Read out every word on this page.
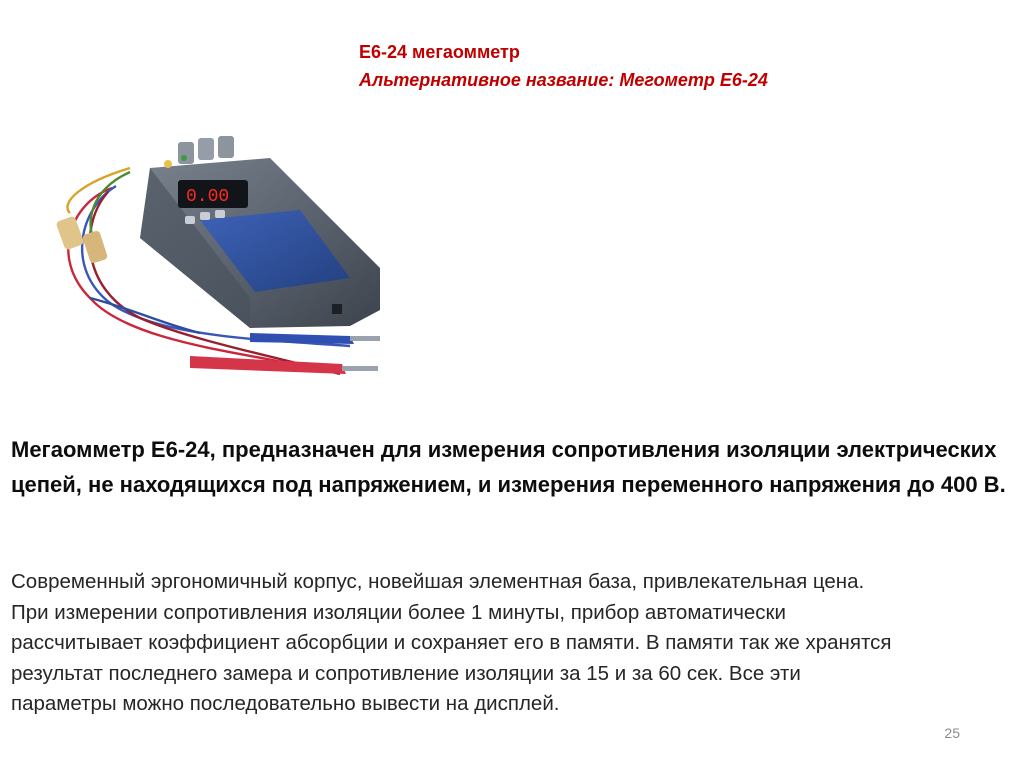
Е6-24 мегаомметр
Альтернативное название: Мегометр Е6-24
0.00

Мегаомметр Е6-24, предназначен для измерения сопротивления изоляции электрических цепей, не находящихся под напряжением, и измерения переменного напряжения до 400 В.

Современный эргономичный корпус, новейшая элементная база, привлекательная цена.
При измерении сопротивления изоляции более 1 минуты, прибор автоматически
рассчитывает коэффициент абсорбции и сохраняет его в памяти. В памяти так же хранятся
результат последнего замера и сопротивление изоляции за 15 и за 60 сек. Все эти
параметры можно последовательно вывести на дисплей.

25
